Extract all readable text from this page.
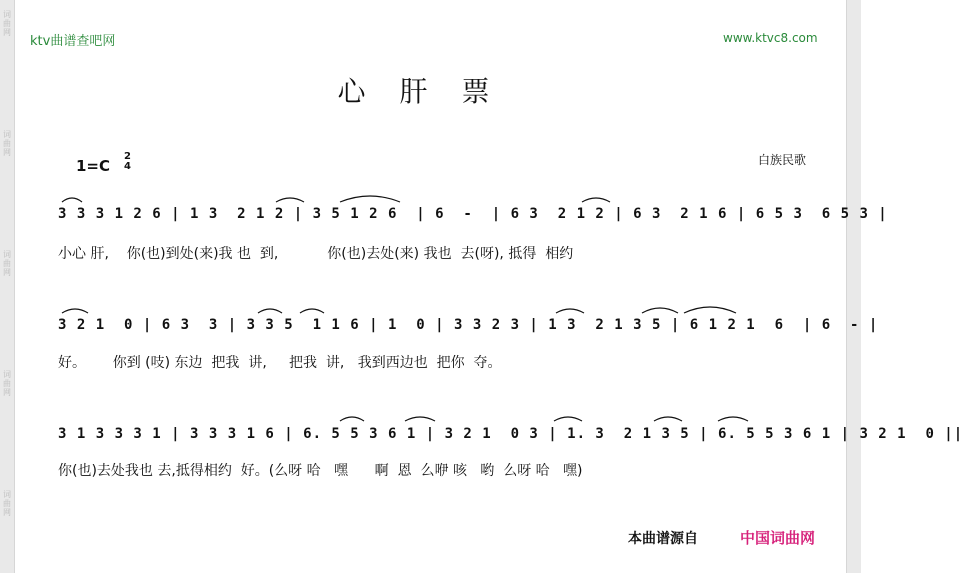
词曲网
词曲网
词曲网
词曲网
词曲网
ktv曲谱查吧网	www.ktvc8.com
心肝票
1=C
2
4	白族民歌
3 3 3 1 2 6 | 1 3  2 1 2 | 3 5 1 2 6  | 6  -  | 6 3  2 1 2 | 6 3  2 1 6 | 6 5 3  6 5 3 |
小心 肝,    你(也)到处(来)我 也  到,           你(也)去处(来) 我也  去(呀), 抵得  相约
3 2 1  0 | 6 3  3 | 3 3 5  1 1 6 | 1  0 | 3 3 2 3 | 1 3  2 1 3 5 | 6 1 2 1  6  | 6  - |
好。      你到 (吱) 东边  把我  讲,     把我  讲,   我到西边也  把你  夺。
3 1 3 3 3 1 | 3 3 3 1 6 | 6. 5 5 3 6 1 | 3 2 1  0 3 | 1. 3  2 1 3 5 | 6. 5 5 3 6 1 | 3 2 1  0 ||
你(也)去处我也 去,抵得相约  好。(么呀 哈   嘿      啊  恩  么咿 咳   哟  么呀 哈   嘿)
本曲谱源自	中国词曲网
